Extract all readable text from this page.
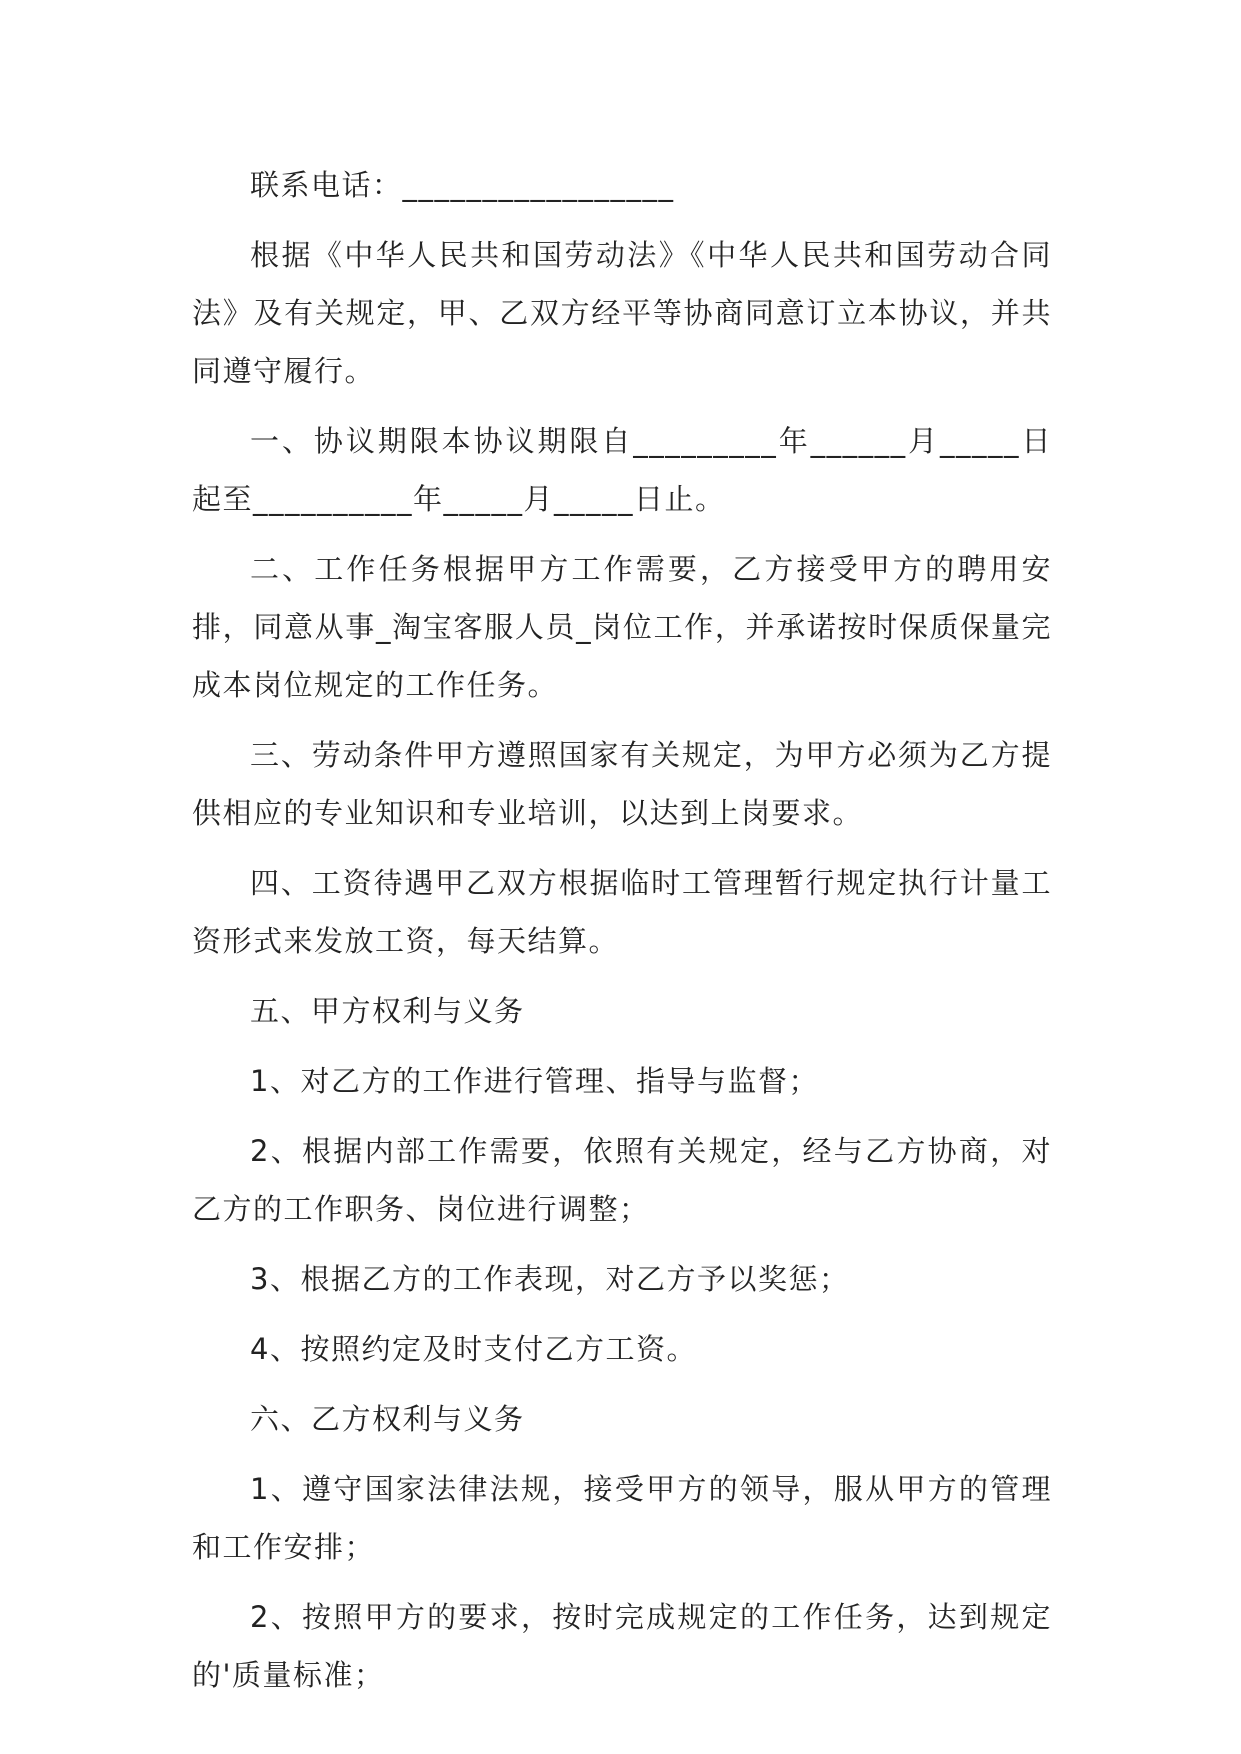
联系电话：_________________

根据《中华人民共和国劳动法》《中华人民共和国劳动合同法》及有关规定，甲、乙双方经平等协商同意订立本协议，并共同遵守履行。

一、协议期限本协议期限自_________年______月_____日起至__________年_____月_____日止。

二、工作任务根据甲方工作需要，乙方接受甲方的聘用安排，同意从事_淘宝客服人员_岗位工作，并承诺按时保质保量完成本岗位规定的工作任务。

三、劳动条件甲方遵照国家有关规定，为甲方必须为乙方提供相应的专业知识和专业培训，以达到上岗要求。

四、工资待遇甲乙双方根据临时工管理暂行规定执行计量工资形式来发放工资，每天结算。

五、甲方权利与义务

1、对乙方的工作进行管理、指导与监督；

2、根据内部工作需要，依照有关规定，经与乙方协商，对乙方的工作职务、岗位进行调整；

3、根据乙方的工作表现，对乙方予以奖惩；

4、按照约定及时支付乙方工资。

六、乙方权利与义务

1、遵守国家法律法规，接受甲方的领导，服从甲方的管理和工作安排；

2、按照甲方的要求，按时完成规定的工作任务，达到规定的'质量标准；
